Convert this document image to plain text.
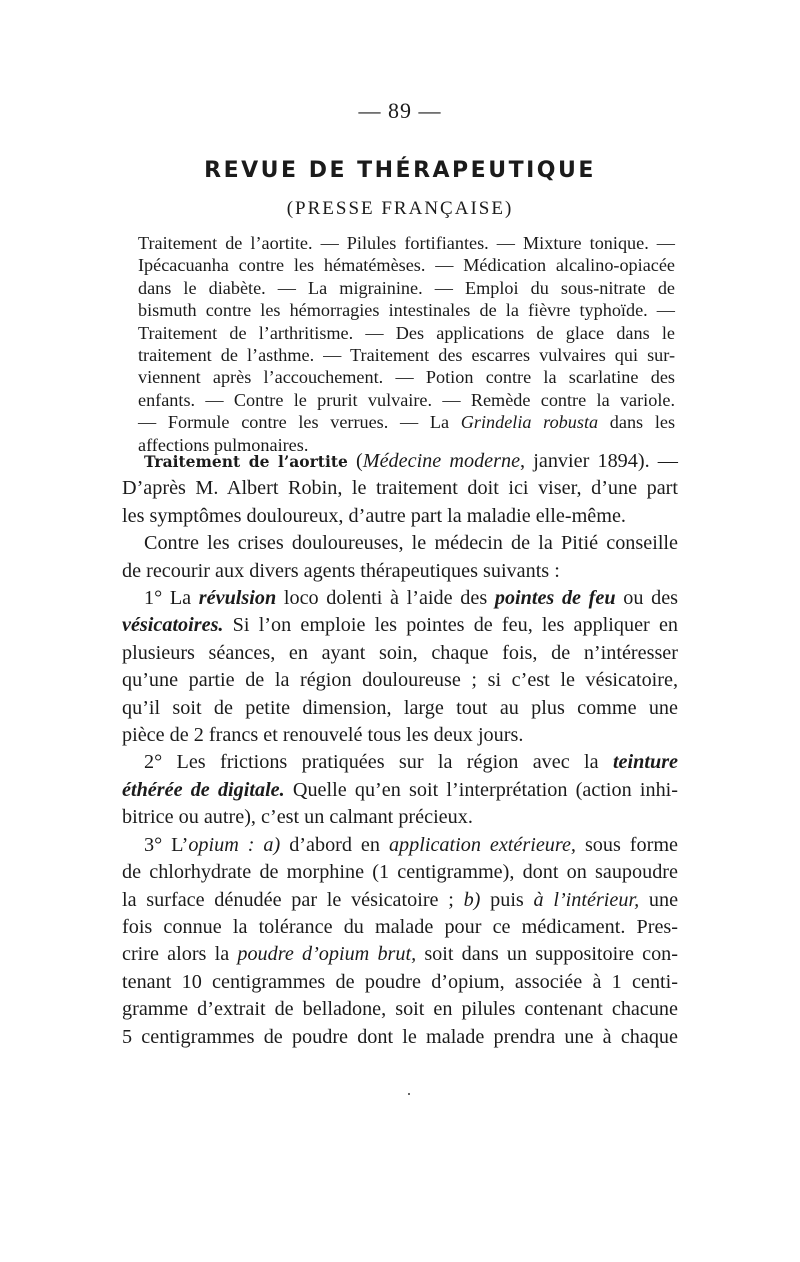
— 89 —
REVUE DE THÉRAPEUTIQUE
(PRESSE FRANÇAISE)
Traitement de l’aortite. — Pilules fortifiantes. — Mixture tonique. —
Ipécacuanha contre les hématémèses. — Médication alcalino-opiacée
dans le diabète. — La migrainine. — Emploi du sous-nitrate de
bismuth contre les hémorragies intestinales de la fièvre typhoïde. —
Traitement de l’arthritisme. — Des applications de glace dans le
traitement de l’asthme. — Traitement des escarres vulvaires qui sur-
viennent après l’accouchement. — Potion contre la scarlatine des
enfants. — Contre le prurit vulvaire. — Remède contre la variole.
— Formule contre les verrues. — La Grindelia robusta dans les
affections pulmonaires.
Traitement de l’aortite (Médecine moderne, janvier 1894). —
D’après M. Albert Robin, le traitement doit ici viser, d’une part
les symptômes douloureux, d’autre part la maladie elle-même.
Contre les crises douloureuses, le médecin de la Pitié conseille
de recourir aux divers agents thérapeutiques suivants :
1° La révulsion loco dolenti à l’aide des pointes de feu ou des
vésicatoires. Si l’on emploie les pointes de feu, les appliquer en
plusieurs séances, en ayant soin, chaque fois, de n’intéresser
qu’une partie de la région douloureuse ; si c’est le vésicatoire,
qu’il soit de petite dimension, large tout au plus comme une
pièce de 2 francs et renouvelé tous les deux jours.
2° Les frictions pratiquées sur la région avec la teinture
éthérée de digitale. Quelle qu’en soit l’interprétation (action inhi-
bitrice ou autre), c’est un calmant précieux.
3° L’opium : a) d’abord en application extérieure, sous forme
de chlorhydrate de morphine (1 centigramme), dont on saupoudre
la surface dénudée par le vésicatoire ; b) puis à l’intérieur, une
fois connue la tolérance du malade pour ce médicament. Pres-
crire alors la poudre d’opium brut, soit dans un suppositoire con-
tenant 10 centigrammes de poudre d’opium, associée à 1 centi-
gramme d’extrait de belladone, soit en pilules contenant chacune
5 centigrammes de poudre dont le malade prendra une à chaque
